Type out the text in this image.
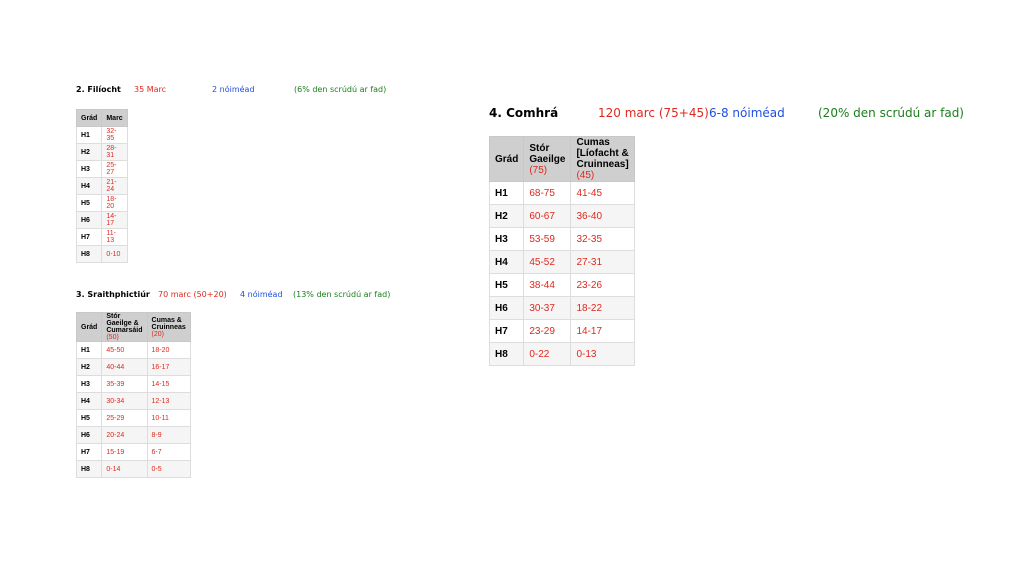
2. Filíocht 35 Marc	2 nóiméad	(6% den scrúdú ar fad)
Grád	Marc
H1	32-35
H2	28-31
H3	25-27
H4	21-24
H5	18-20
H6	14-17
H7	11-13
H8	0-10
3. Sraithphictiúr 70 marc (50+20) 4 nóiméad (13% den scrúdú ar fad)
Grád	Stór Gaeilge & Cumarsáid (50)	Cumas & Cruinneas (20)
H1	45-50	18-20
H2	40-44	16-17
H3	35-39	14-15
H4	30-34	12-13
H5	25-29	10-11
H6	20-24	8-9
H7	15-19	6-7
H8	0-14	0-5
4. Comhrá	120 marc (75+45) 6-8 nóiméad	(20% den scrúdú ar fad)
Grád	Stór Gaeilge (75)	Cumas [Líofacht & Cruinneas] (45)
H1	68-75	41-45
H2	60-67	36-40
H3	53-59	32-35
H4	45-52	27-31
H5	38-44	23-26
H6	30-37	18-22
H7	23-29	14-17
H8	0-22	0-13
